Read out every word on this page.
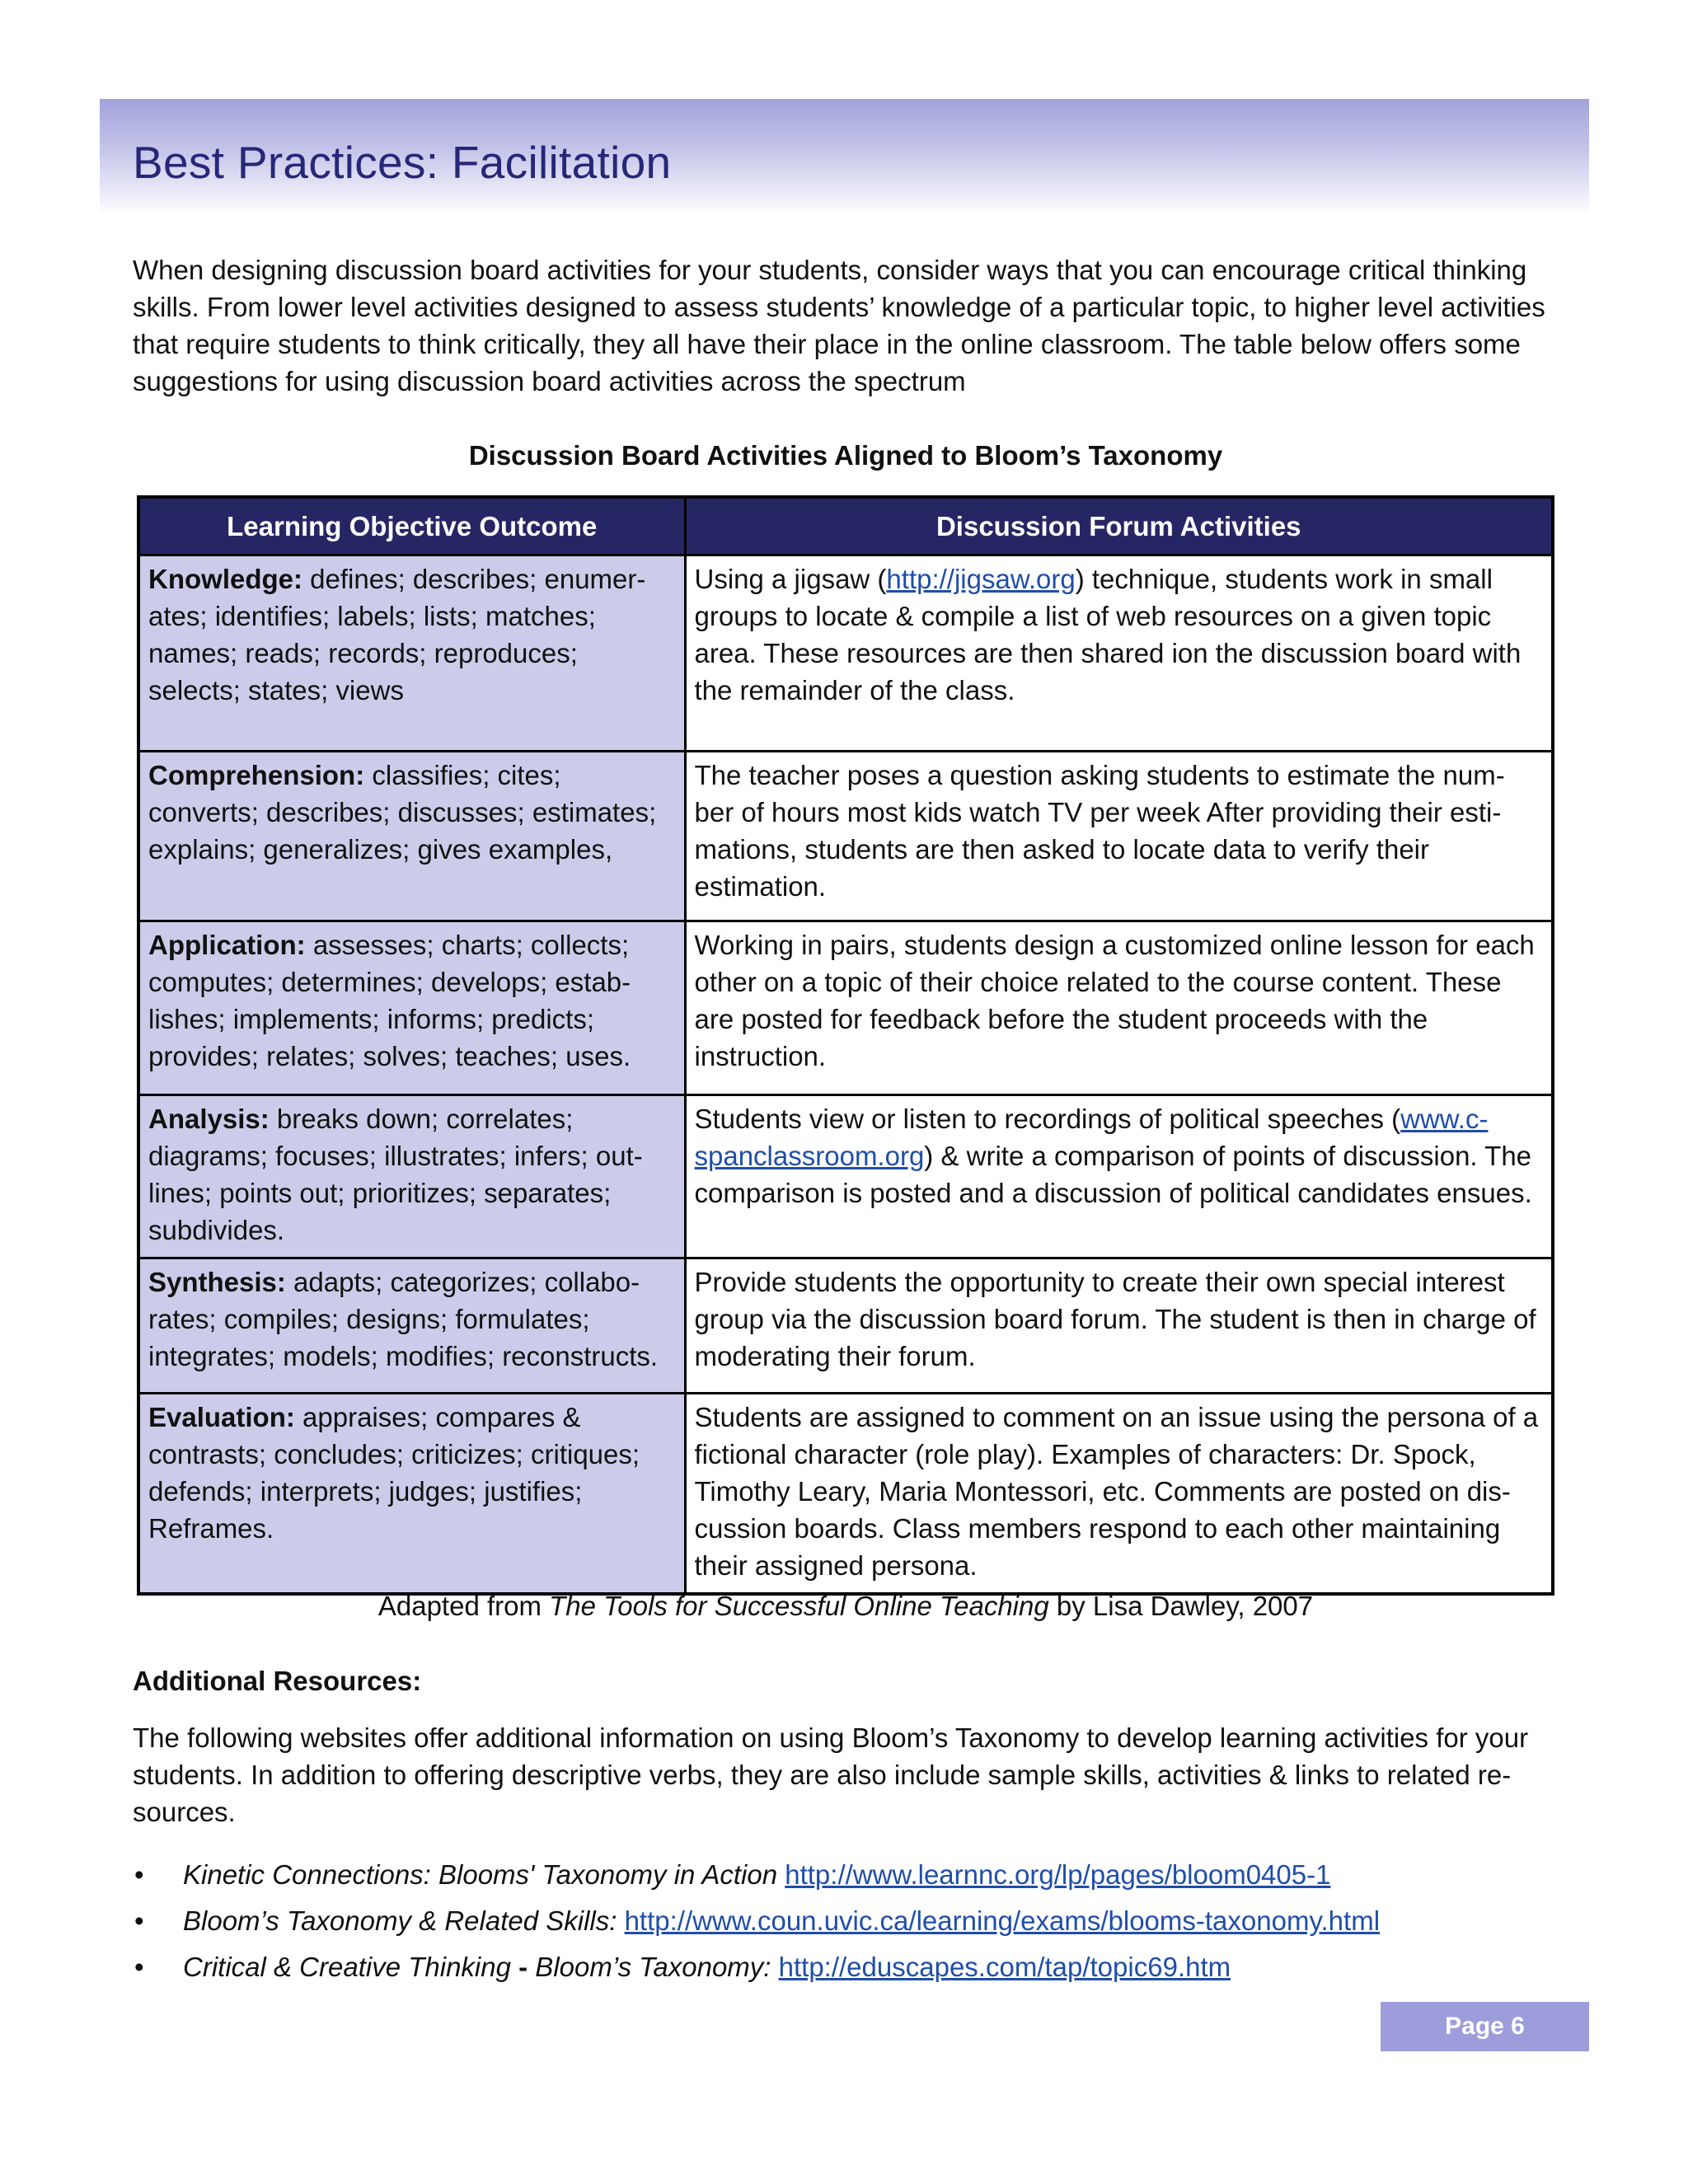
Best Practices: Facilitation

When designing discussion board activities for your students, consider ways that you can encourage critical thinking skills. From lower level activities designed to assess students’ knowledge of a particular topic, to higher level activities that require students to think critically, they all have their place in the online classroom. The table below offers some suggestions for using discussion board activities across the spectrum

Discussion Board Activities Aligned to Bloom’s Taxonomy

Learning Objective Outcome	Discussion Forum Activities
Knowledge: defines; describes; enumer-ates; identifies; labels; lists; matches; names; reads; records; reproduces; selects; states; views	Using a jigsaw (http://jigsaw.org) technique, students work in small groups to locate & compile a list of web resources on a given topic area. These resources are then shared ion the discussion board with the remainder of the class.
Comprehension: classifies; cites; converts; describes; discusses; estimates; explains; generalizes; gives examples,	The teacher poses a question asking students to estimate the num-ber of hours most kids watch TV per week After providing their esti-mations, students are then asked to locate data to verify their estimation.
Application: assesses; charts; collects; computes; determines; develops; estab-lishes; implements; informs; predicts; provides; relates; solves; teaches; uses.	Working in pairs, students design a customized online lesson for each other on a topic of their choice related to the course content. These are posted for feedback before the student proceeds with the instruction.
Analysis: breaks down; correlates; diagrams; focuses; illustrates; infers; out-lines; points out; prioritizes; separates; subdivides.	Students view or listen to recordings of political speeches (www.c-spanclassroom.org) & write a comparison of points of discussion. The comparison is posted and a discussion of political candidates ensues.
Synthesis: adapts; categorizes; collabo-rates; compiles; designs; formulates; integrates; models; modifies; reconstructs.	Provide students the opportunity to create their own special interest group via the discussion board forum. The student is then in charge of moderating their forum.
Evaluation: appraises; compares & contrasts; concludes; criticizes; critiques; defends; interprets; judges; justifies; Reframes.	Students are assigned to comment on an issue using the persona of a fictional character (role play). Examples of characters: Dr. Spock, Timothy Leary, Maria Montessori, etc. Comments are posted on dis-cussion boards. Class members respond to each other maintaining their assigned persona.

Adapted from The Tools for Successful Online Teaching by Lisa Dawley, 2007

Additional Resources:

The following websites offer additional information on using Bloom’s Taxonomy to develop learning activities for your students. In addition to offering descriptive verbs, they are also include sample skills, activities & links to related re-sources.

• Kinetic Connections: Blooms' Taxonomy in Action http://www.learnnc.org/lp/pages/bloom0405-1
• Bloom’s Taxonomy & Related Skills: http://www.coun.uvic.ca/learning/exams/blooms-taxonomy.html
• Critical & Creative Thinking - Bloom’s Taxonomy: http://eduscapes.com/tap/topic69.htm
Page 6
